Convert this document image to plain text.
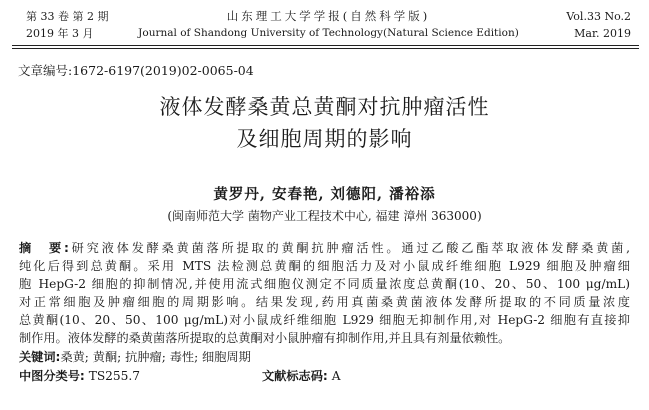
第 33 卷 第 2 期	山东理工大学学报(自然科学版)	Vol.33 No.2
2019 年 3 月	Journal of Shandong University of Technology(Natural Science Edition)	Mar. 2019
文章编号:1672-6197(2019)02-0065-04
液体发酵桑黄总黄酮对抗肿瘤活性
及细胞周期的影响
黄罗丹, 安春艳, 刘德阳, 潘裕添
(闽南师范大学 菌物产业工程技术中心, 福建 漳州 363000)
摘　要:研究液体发酵桑黄菌落所提取的黄酮抗肿瘤活性。通过乙酸乙酯萃取液体发酵桑黄菌,
纯化后得到总黄酮。采用 MTS 法检测总黄酮的细胞活力及对小鼠成纤维细胞 L929 细胞及肿瘤细
胞 HepG-2 细胞的抑制情况,并使用流式细胞仪测定不同质量浓度总黄酮(10、20、50、100 μg/mL)
对正常细胞及肿瘤细胞的周期影响。结果发现,药用真菌桑黄菌液体发酵所提取的不同质量浓度
总黄酮(10、20、50、100 μg/mL)对小鼠成纤维细胞 L929 细胞无抑制作用,对 HepG-2 细胞有直接抑
制作用。液体发酵的桑黄菌落所提取的总黄酮对小鼠肿瘤有抑制作用,并且具有剂量依赖性。
关键词:桑黄; 黄酮; 抗肿瘤; 毒性; 细胞周期
中图分类号: TS255.7	文献标志码: A
